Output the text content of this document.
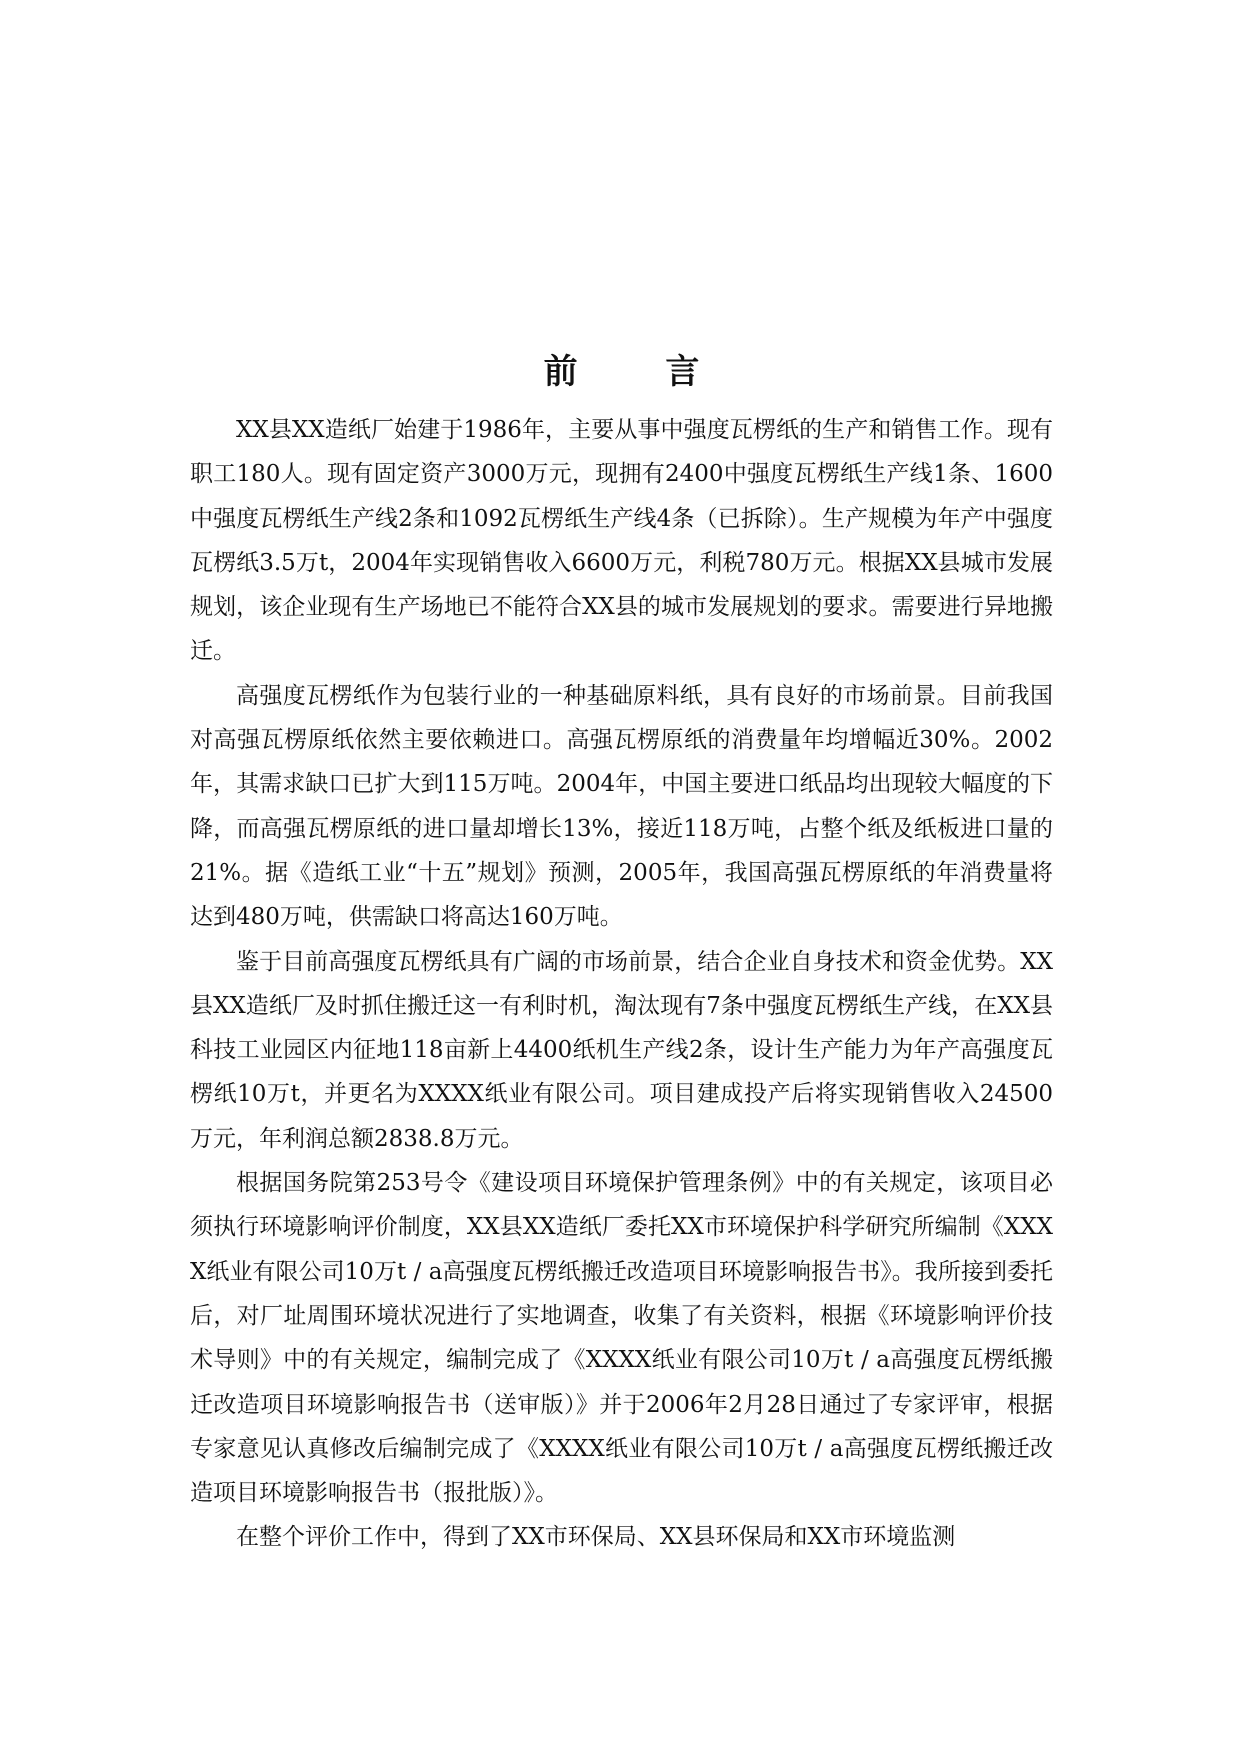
前 言

XX县XX造纸厂始建于1986年，主要从事中强度瓦楞纸的生产和销售工作。现有职工180人。现有固定资产3000万元，现拥有2400中强度瓦楞纸生产线1条、1600中强度瓦楞纸生产线2条和1092瓦楞纸生产线4条（已拆除）。生产规模为年产中强度瓦楞纸3.5万t，2004年实现销售收入6600万元，利税780万元。根据XX县城市发展规划，该企业现有生产场地已不能符合XX县的城市发展规划的要求。需要进行异地搬迁。

高强度瓦楞纸作为包装行业的一种基础原料纸，具有良好的市场前景。目前我国对高强瓦楞原纸依然主要依赖进口。高强瓦楞原纸的消费量年均增幅近30%。2002年，其需求缺口已扩大到115万吨。2004年，中国主要进口纸品均出现较大幅度的下降，而高强瓦楞原纸的进口量却增长13%，接近118万吨，占整个纸及纸板进口量的21%。据《造纸工业“十五”规划》预测，2005年，我国高强瓦楞原纸的年消费量将达到480万吨，供需缺口将高达160万吨。

鉴于目前高强度瓦楞纸具有广阔的市场前景，结合企业自身技术和资金优势。XX县XX造纸厂及时抓住搬迁这一有利时机，淘汰现有7条中强度瓦楞纸生产线，在XX县科技工业园区内征地118亩新上4400纸机生产线2条，设计生产能力为年产高强度瓦楞纸10万t，并更名为XXXX纸业有限公司。项目建成投产后将实现销售收入24500万元，年利润总额2838.8万元。

根据国务院第253号令《建设项目环境保护管理条例》中的有关规定，该项目必须执行环境影响评价制度，XX县XX造纸厂委托XX市环境保护科学研究所编制《XXXX纸业有限公司10万t / a高强度瓦楞纸搬迁改造项目环境影响报告书》。我所接到委托后，对厂址周围环境状况进行了实地调查，收集了有关资料，根据《环境影响评价技术导则》中的有关规定，编制完成了《XXXX纸业有限公司10万t / a高强度瓦楞纸搬迁改造项目环境影响报告书（送审版）》并于2006年2月28日通过了专家评审，根据专家意见认真修改后编制完成了《XXXX纸业有限公司10万t / a高强度瓦楞纸搬迁改造项目环境影响报告书（报批版）》。

在整个评价工作中，得到了XX市环保局、XX县环保局和XX市环境监测
